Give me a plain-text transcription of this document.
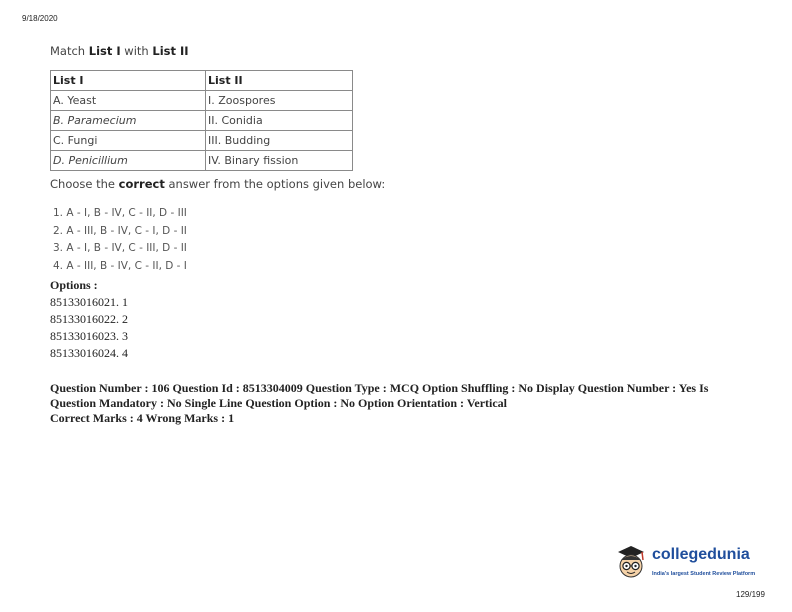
9/18/2020
Match List I with List II
List I	List II
A. Yeast	I. Zoospores
B. Paramecium	II. Conidia
C. Fungi	III. Budding
D. Penicillium	IV. Binary fission
Choose the correct answer from the options given below:
1. A - I, B - IV, C - II, D - III
2. A - III, B - IV, C - I, D - II
3. A - I, B - IV, C - III, D - II
4. A - III, B - IV, C - II, D - I
Options :
85133016021. 1
85133016022. 2
85133016023. 3
85133016024. 4
Question Number : 106 Question Id : 8513304009 Question Type : MCQ Option Shuffling : No Display Question Number : Yes Is Question Mandatory : No Single Line Question Option : No Option Orientation : Vertical
Correct Marks : 4 Wrong Marks : 1
collegedunia
India's largest Student Review Platform
129/199
